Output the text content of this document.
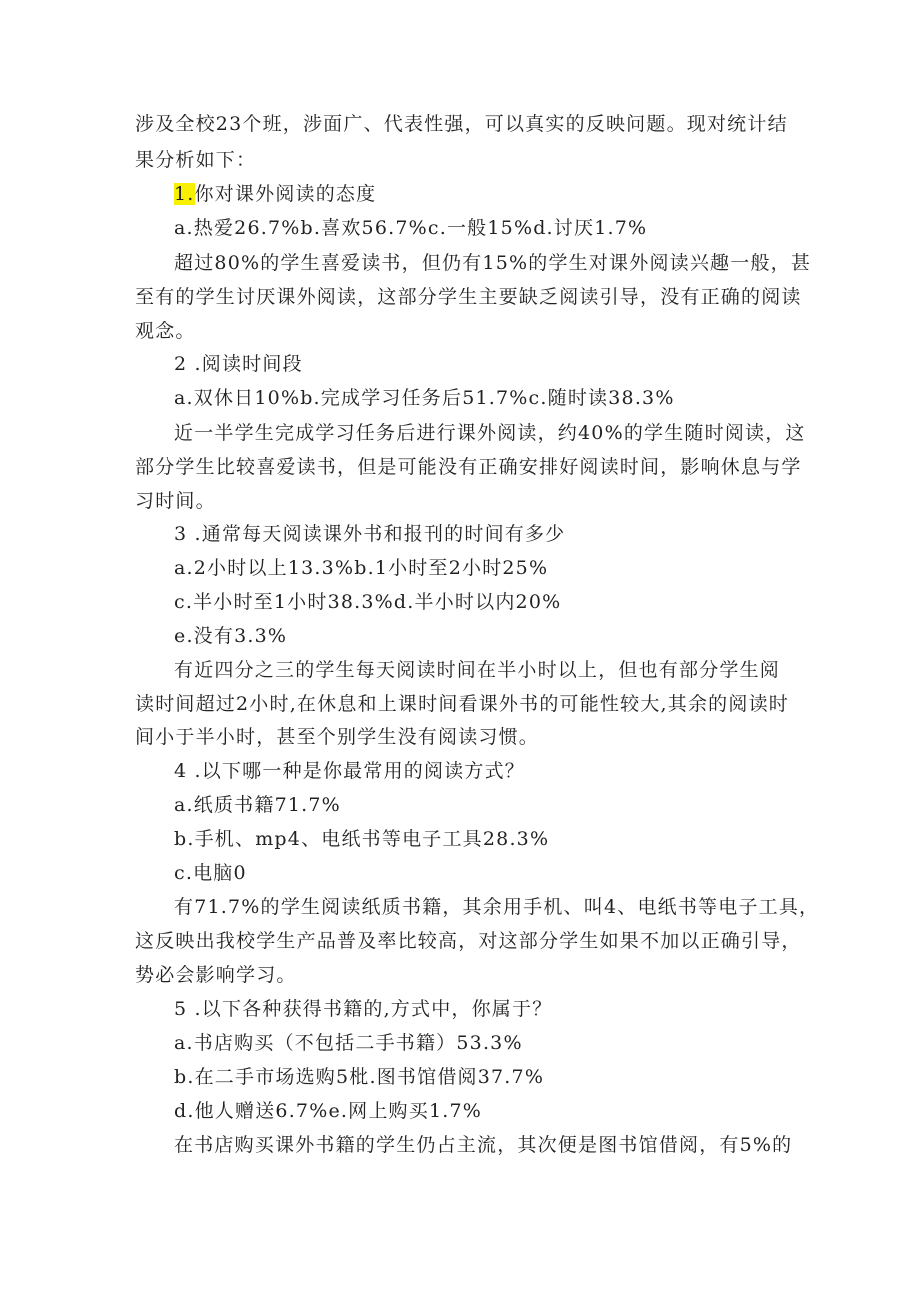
涉及全校23个班，涉面广、代表性强，可以真实的反映问题。现对统计结
果分析如下：
1.你对课外阅读的态度
a.热爱26.7%b.喜欢56.7%c.一般15%d.讨厌1.7%
超过80%的学生喜爱读书，但仍有15%的学生对课外阅读兴趣一般，甚
至有的学生讨厌课外阅读，这部分学生主要缺乏阅读引导，没有正确的阅读
观念。
2 .阅读时间段
a.双休日10%b.完成学习任务后51.7%c.随时读38.3%
近一半学生完成学习任务后进行课外阅读，约40%的学生随时阅读，这
部分学生比较喜爱读书，但是可能没有正确安排好阅读时间，影响休息与学
习时间。
3 .通常每天阅读课外书和报刊的时间有多少
a.2小时以上13.3%b.1小时至2小时25%
c.半小时至1小时38.3%d.半小时以内20%
e.没有3.3%
有近四分之三的学生每天阅读时间在半小时以上，但也有部分学生阅
读时间超过2小时,在休息和上课时间看课外书的可能性较大,其余的阅读时
间小于半小时，甚至个别学生没有阅读习惯。
4 .以下哪一种是你最常用的阅读方式？
a.纸质书籍71.7%
b.手机、mp4、电纸书等电子工具28.3%
c.电脑0
有71.7%的学生阅读纸质书籍，其余用手机、叫4、电纸书等电子工具，
这反映出我校学生产品普及率比较高，对这部分学生如果不加以正确引导，
势必会影响学习。
5 .以下各种获得书籍的,方式中，你属于？
a.书店购买（不包括二手书籍）53.3%
b.在二手市场选购5枇.图书馆借阅37.7%
d.他人赠送6.7%e.网上购买1.7%
在书店购买课外书籍的学生仍占主流，其次便是图书馆借阅，有5%的
